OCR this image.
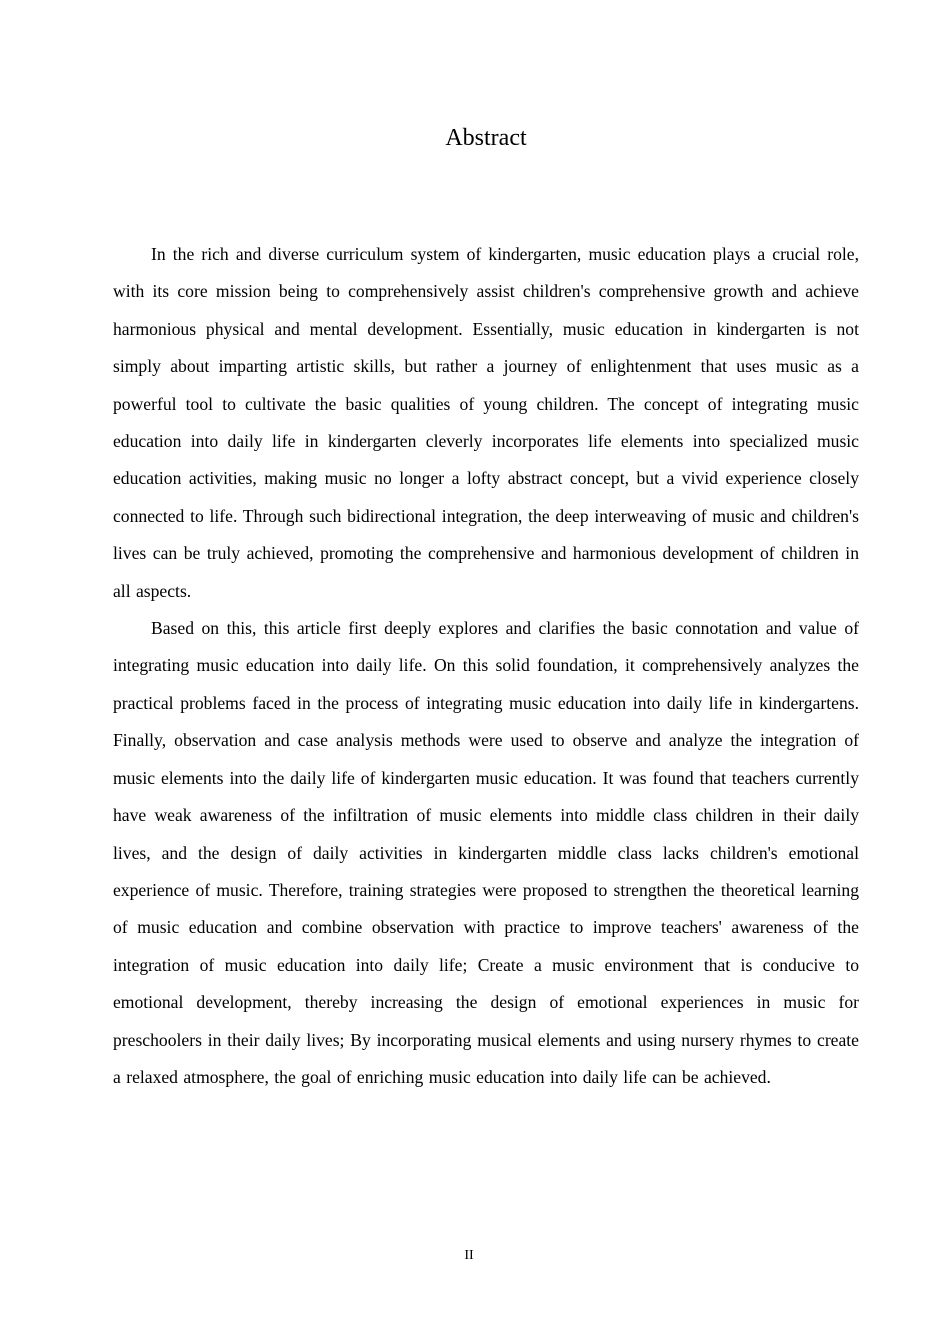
Abstract

In the rich and diverse curriculum system of kindergarten, music education plays a crucial role, with its core mission being to comprehensively assist children's comprehensive growth and achieve harmonious physical and mental development. Essentially, music education in kindergarten is not simply about imparting artistic skills, but rather a journey of enlightenment that uses music as a powerful tool to cultivate the basic qualities of young children. The concept of integrating music education into daily life in kindergarten cleverly incorporates life elements into specialized music education activities, making music no longer a lofty abstract concept, but a vivid experience closely connected to life. Through such bidirectional integration, the deep interweaving of music and children's lives can be truly achieved, promoting the comprehensive and harmonious development of children in all aspects.

Based on this, this article first deeply explores and clarifies the basic connotation and value of integrating music education into daily life. On this solid foundation, it comprehensively analyzes the practical problems faced in the process of integrating music education into daily life in kindergartens. Finally, observation and case analysis methods were used to observe and analyze the integration of music elements into the daily life of kindergarten music education. It was found that teachers currently have weak awareness of the infiltration of music elements into middle class children in their daily lives, and the design of daily activities in kindergarten middle class lacks children's emotional experience of music. Therefore, training strategies were proposed to strengthen the theoretical learning of music education and combine observation with practice to improve teachers' awareness of the integration of music education into daily life; Create a music environment that is conducive to emotional development, thereby increasing the design of emotional experiences in music for preschoolers in their daily lives; By incorporating musical elements and using nursery rhymes to create a relaxed atmosphere, the goal of enriching music education into daily life can be achieved.

II
